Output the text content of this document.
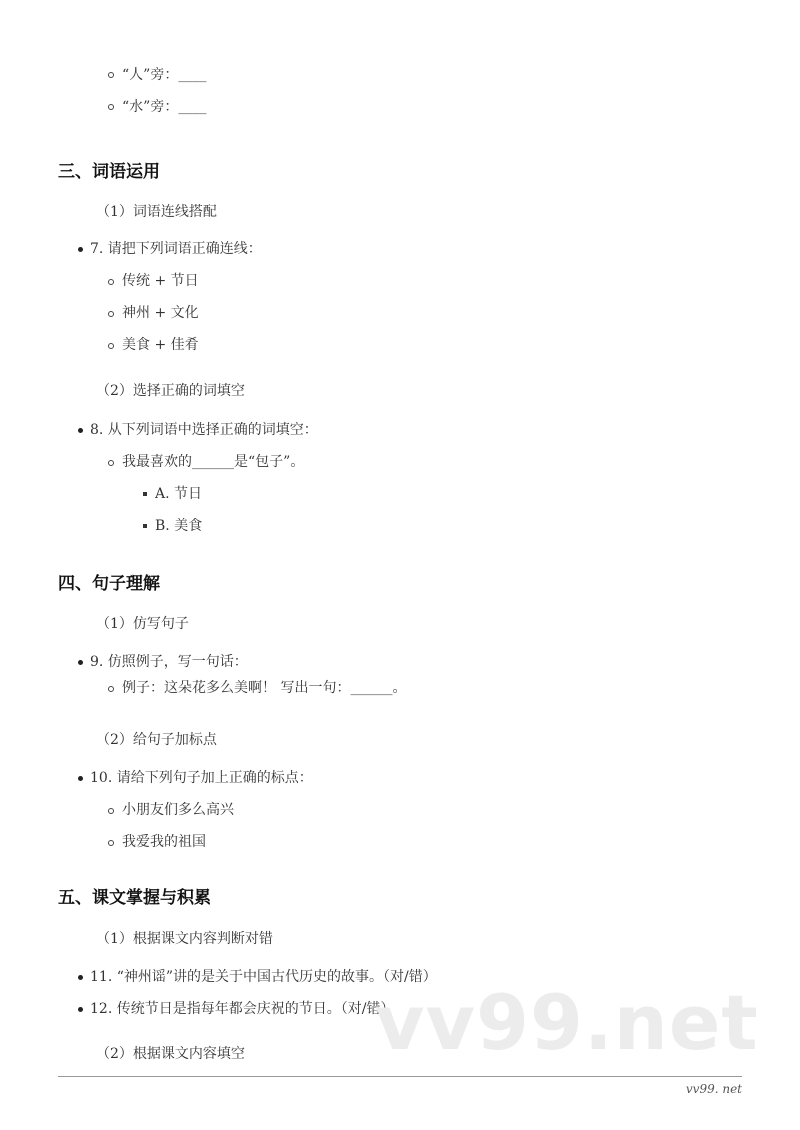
“人”旁：____
“水”旁：____
三、词语运用
（1）词语连线搭配
7. 请把下列词语正确连线：
传统 + 节日
神州 + 文化
美食 + 佳肴
（2）选择正确的词填空
8. 从下列词语中选择正确的词填空：
我最喜欢的______是“包子”。
A. 节日
B. 美食
四、句子理解
（1）仿写句子
9. 仿照例子，写一句话：
例子：这朵花多么美啊！ 写出一句：______。
（2）给句子加标点
10. 请给下列句子加上正确的标点：
小朋友们多么高兴
我爱我的祖国
五、课文掌握与积累
（1）根据课文内容判断对错
11. “神州谣”讲的是关于中国古代历史的故事。（对/错）
12. 传统节日是指每年都会庆祝的节日。（对/错）
（2）根据课文内容填空 vv99.net
vv99. net
